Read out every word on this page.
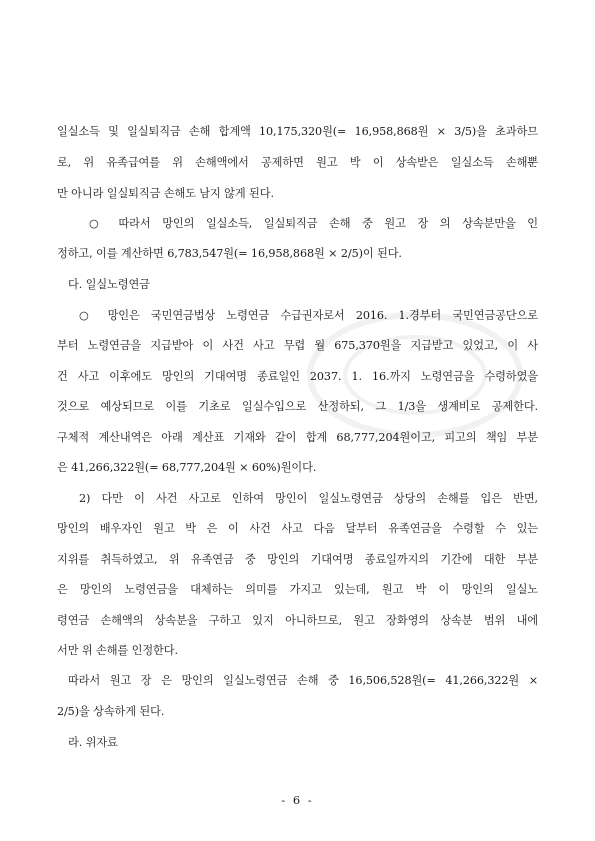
일실소득 및 일실퇴직금 손해 합계액 10,175,320원(= 16,958,868원 × 3/5)을 초과하므
로, 위 유족급여를 위 손해액에서 공제하면 원고 박 이 상속받은 일실소득 손해뿐
만 아니라 일실퇴직금 손해도 남지 않게 된다.
○ 따라서 망인의 일실소득, 일실퇴직금 손해 중 원고 장 의 상속분만을 인
정하고, 이를 계산하면 6,783,547원(= 16,958,868원 × 2/5)이 된다.
다. 일실노령연금
○ 망인은 국민연금법상 노령연금 수급권자로서 2016. 1.경부터 국민연금공단으로
부터 노령연금을 지급받아 이 사건 사고 무렵 월 675,370원을 지급받고 있었고, 이 사
건 사고 이후에도 망인의 기대여명 종료일인 2037. 1. 16.까지 노령연금을 수령하였을
것으로 예상되므로 이를 기초로 일실수입으로 산정하되, 그 1/3을 생계비로 공제한다.
구체적 계산내역은 아래 계산표 기재와 같이 합계 68,777,204원이고, 피고의 책임 부분
은 41,266,322원(= 68,777,204원 × 60%)원이다.
2) 다만 이 사건 사고로 인하여 망인이 일실노령연금 상당의 손해를 입은 반면,
망인의 배우자인 원고 박 은 이 사건 사고 다음 달부터 유족연금을 수령할 수 있는
지위를 취득하였고, 위 유족연금 중 망인의 기대여명 종료일까지의 기간에 대한 부분
은 망인의 노령연금을 대체하는 의미를 가지고 있는데, 원고 박 이 망인의 일실노
령연금 손해액의 상속분을 구하고 있지 아니하므로, 원고 장화영의 상속분 범위 내에
서만 위 손해를 인정한다.
따라서 원고 장 은 망인의 일실노령연금 손해 중 16,506,528원(= 41,266,322원 ×
2/5)을 상속하게 된다.
라. 위자료
- 6 -
